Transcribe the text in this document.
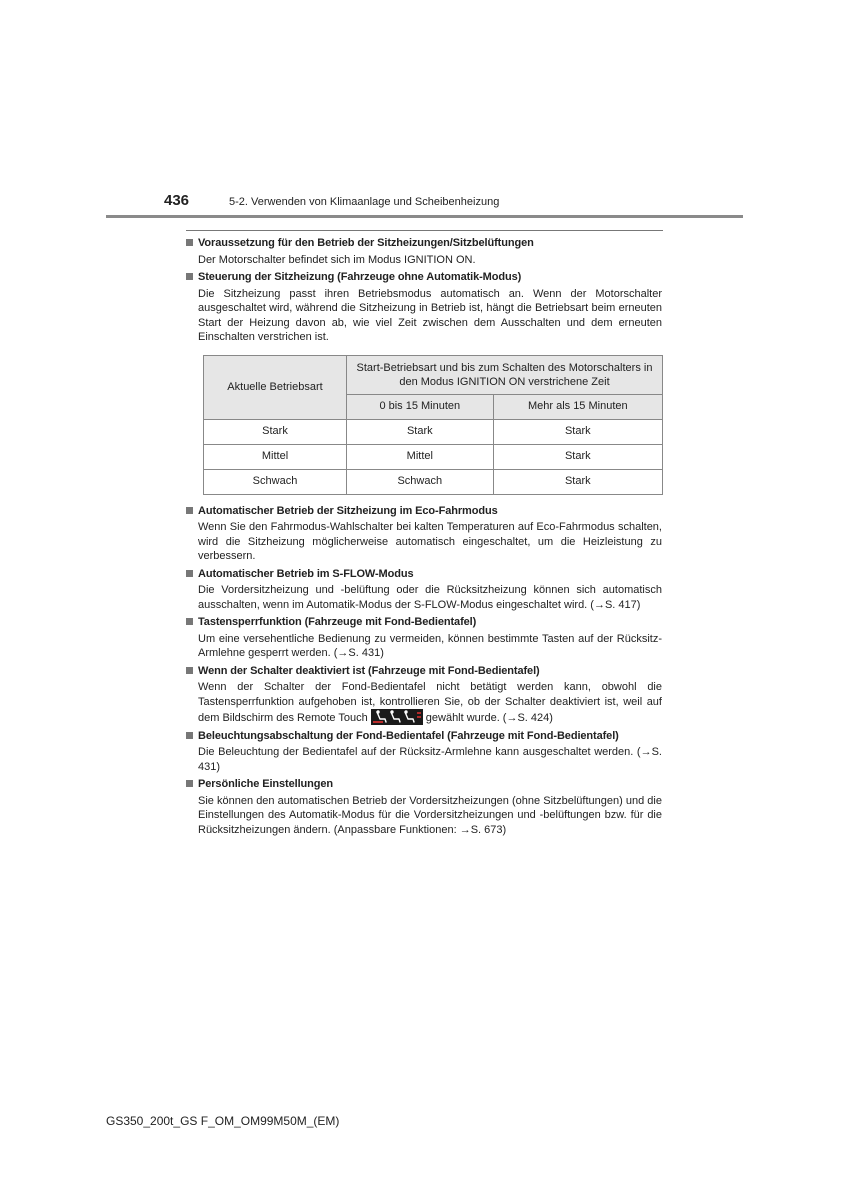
436	5-2. Verwenden von Klimaanlage und Scheibenheizung
Voraussetzung für den Betrieb der Sitzheizungen/Sitzbelüftungen

Der Motorschalter befindet sich im Modus IGNITION ON.

Steuerung der Sitzheizung (Fahrzeuge ohne Automatik-Modus)

Die Sitzheizung passt ihren Betriebsmodus automatisch an. Wenn der Motorschalter ausgeschaltet wird, während die Sitzheizung in Betrieb ist, hängt die Betriebsart beim erneuten Start der Heizung davon ab, wie viel Zeit zwischen dem Ausschalten und dem erneuten Einschalten verstrichen ist.

Aktuelle Betriebsart	Start-Betriebsart und bis zum Schalten des Motorschalters in den Modus IGNITION ON verstrichene Zeit	
	0 bis 15 Minuten	Mehr als 15 Minuten
Stark	Stark	Stark
Mittel	Mittel	Stark
Schwach	Schwach	Stark
Automatischer Betrieb der Sitzheizung im Eco-Fahrmodus

Wenn Sie den Fahrmodus-Wahlschalter bei kalten Temperaturen auf Eco-Fahrmodus schalten, wird die Sitzheizung möglicherweise automatisch eingeschaltet, um die Heizleistung zu verbessern.

Automatischer Betrieb im S-FLOW-Modus

Die Vordersitzheizung und -belüftung oder die Rücksitzheizung können sich automatisch ausschalten, wenn im Automatik-Modus der S-FLOW-Modus eingeschaltet wird. (→S. 417)

Tastensperrfunktion (Fahrzeuge mit Fond-Bedientafel)

Um eine versehentliche Bedienung zu vermeiden, können bestimmte Tasten auf der Rücksitz-Armlehne gesperrt werden. (→S. 431)

Wenn der Schalter deaktiviert ist (Fahrzeuge mit Fond-Bedientafel)

Wenn der Schalter der Fond-Bedientafel nicht betätigt werden kann, obwohl die Tastensperrfunktion aufgehoben ist, kontrollieren Sie, ob der Schalter deaktiviert ist, weil auf dem Bildschirm des Remote Touch	gewählt wurde. (→S. 424)

Beleuchtungsabschaltung der Fond-Bedientafel (Fahrzeuge mit Fond-Bedientafel)

Die Beleuchtung der Bedientafel auf der Rücksitz-Armlehne kann ausgeschaltet werden. (→S. 431)

Persönliche Einstellungen

Sie können den automatischen Betrieb der Vordersitzheizungen (ohne Sitzbelüftungen) und die Einstellungen des Automatik-Modus für die Vordersitzheizungen und -belüftungen bzw. für die Rücksitzheizungen ändern. (Anpassbare Funktionen: →S. 673)

GS350_200t_GS F_OM_OM99M50M_(EM)
